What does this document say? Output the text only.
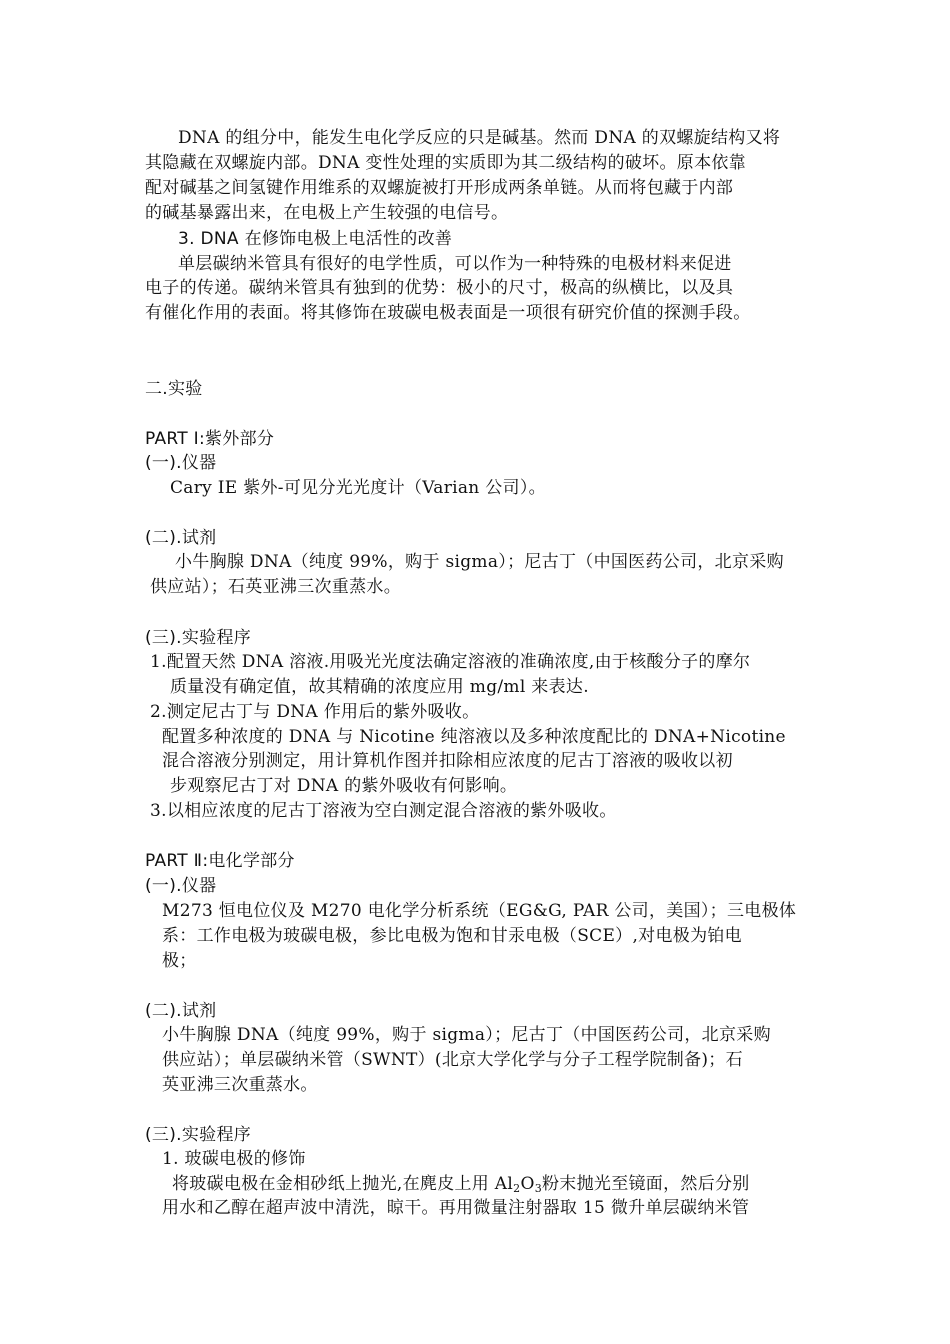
DNA 的组分中，能发生电化学反应的只是碱基。然而 DNA 的双螺旋结构又将
其隐藏在双螺旋内部。DNA 变性处理的实质即为其二级结构的破坏。原本依靠
配对碱基之间氢键作用维系的双螺旋被打开形成两条单链。从而将包藏于内部
的碱基暴露出来，在电极上产生较强的电信号。
3. DNA 在修饰电极上电活性的改善
单层碳纳米管具有很好的电学性质，可以作为一种特殊的电极材料来促进
电子的传递。碳纳米管具有独到的优势：极小的尺寸，极高的纵横比，以及具
有催化作用的表面。将其修饰在玻碳电极表面是一项很有研究价值的探测手段。
二.实验
PART Ⅰ:紫外部分
(一).仪器
Cary IE 紫外-可见分光光度计（Varian 公司）。
(二).试剂
小牛胸腺 DNA（纯度 99%，购于 sigma）；尼古丁（中国医药公司，北京采购
供应站）；石英亚沸三次重蒸水。
(三).实验程序
1.配置天然 DNA 溶液.用吸光光度法确定溶液的准确浓度,由于核酸分子的摩尔
质量没有确定值，故其精确的浓度应用 mg/ml 来表达.
2.测定尼古丁与 DNA 作用后的紫外吸收。
配置多种浓度的 DNA 与 Nicotine 纯溶液以及多种浓度配比的 DNA+Nicotine
混合溶液分别测定，用计算机作图并扣除相应浓度的尼古丁溶液的吸收以初
步观察尼古丁对 DNA 的紫外吸收有何影响。
3.以相应浓度的尼古丁溶液为空白测定混合溶液的紫外吸收。
PART Ⅱ:电化学部分
(一).仪器
M273 恒电位仪及 M270 电化学分析系统（EG&G, PAR 公司，美国）；三电极体
系：工作电极为玻碳电极，参比电极为饱和甘汞电极（SCE）,对电极为铂电
极；
(二).试剂
小牛胸腺 DNA（纯度 99%，购于 sigma）；尼古丁（中国医药公司，北京采购
供应站）；单层碳纳米管（SWNT）(北京大学化学与分子工程学院制备)；石
英亚沸三次重蒸水。
(三).实验程序
1. 玻碳电极的修饰
将玻碳电极在金相砂纸上抛光,在麂皮上用 $Al_2O_3$粉末抛光至镜面，然后分别
用水和乙醇在超声波中清洗，晾干。再用微量注射器取 15 微升单层碳纳米管
